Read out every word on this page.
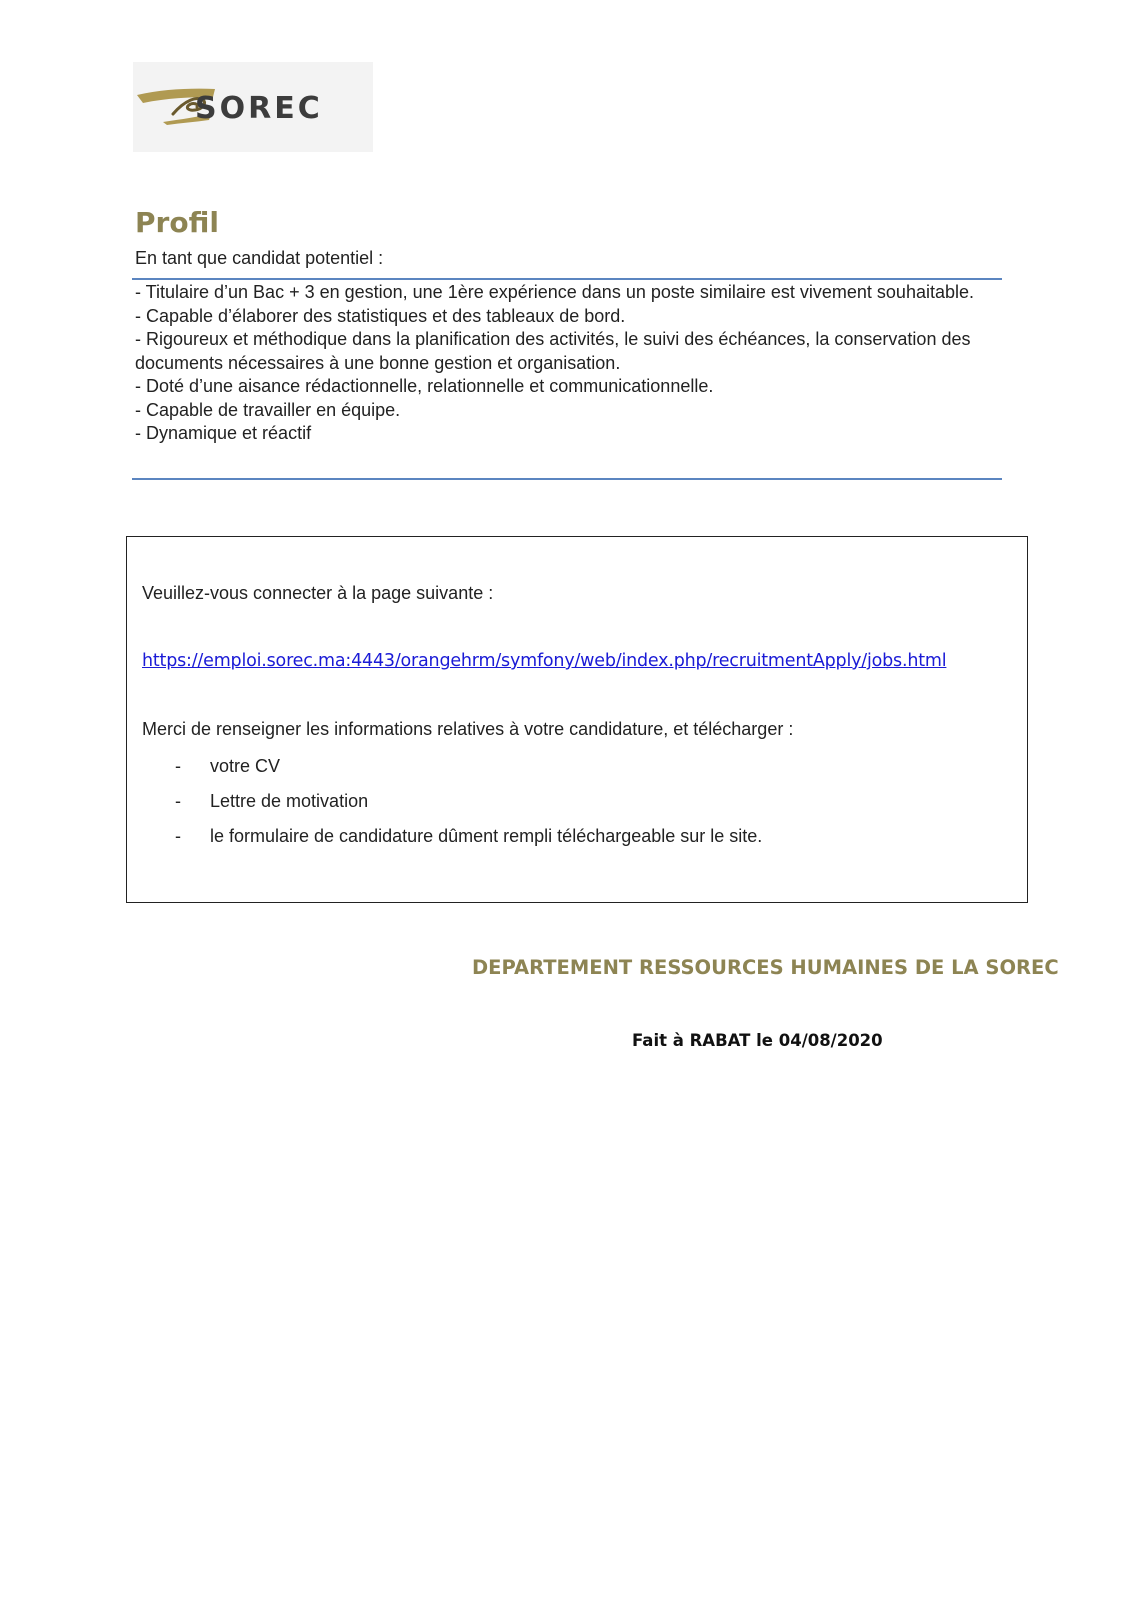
SOREC
Profil
En tant que candidat potentiel :
- Titulaire d’un Bac + 3 en gestion, une 1ère expérience dans un poste similaire est vivement souhaitable.
- Capable d’élaborer des statistiques et des tableaux de bord.
- Rigoureux et méthodique dans la planification des activités, le suivi des échéances, la conservation des documents nécessaires à une bonne gestion et organisation.
- Doté d’une aisance rédactionnelle, relationnelle et communicationnelle.
- Capable de travailler en équipe.
- Dynamique et réactif
Veuillez-vous connecter à la page suivante :
https://emploi.sorec.ma:4443/orangehrm/symfony/web/index.php/recruitmentApply/jobs.html
Merci de renseigner les informations relatives à votre candidature, et télécharger :
- votre CV
- Lettre de motivation
- le formulaire de candidature dûment rempli téléchargeable sur le site.
DEPARTEMENT RESSOURCES HUMAINES DE LA SOREC
Fait à RABAT le 04/08/2020
